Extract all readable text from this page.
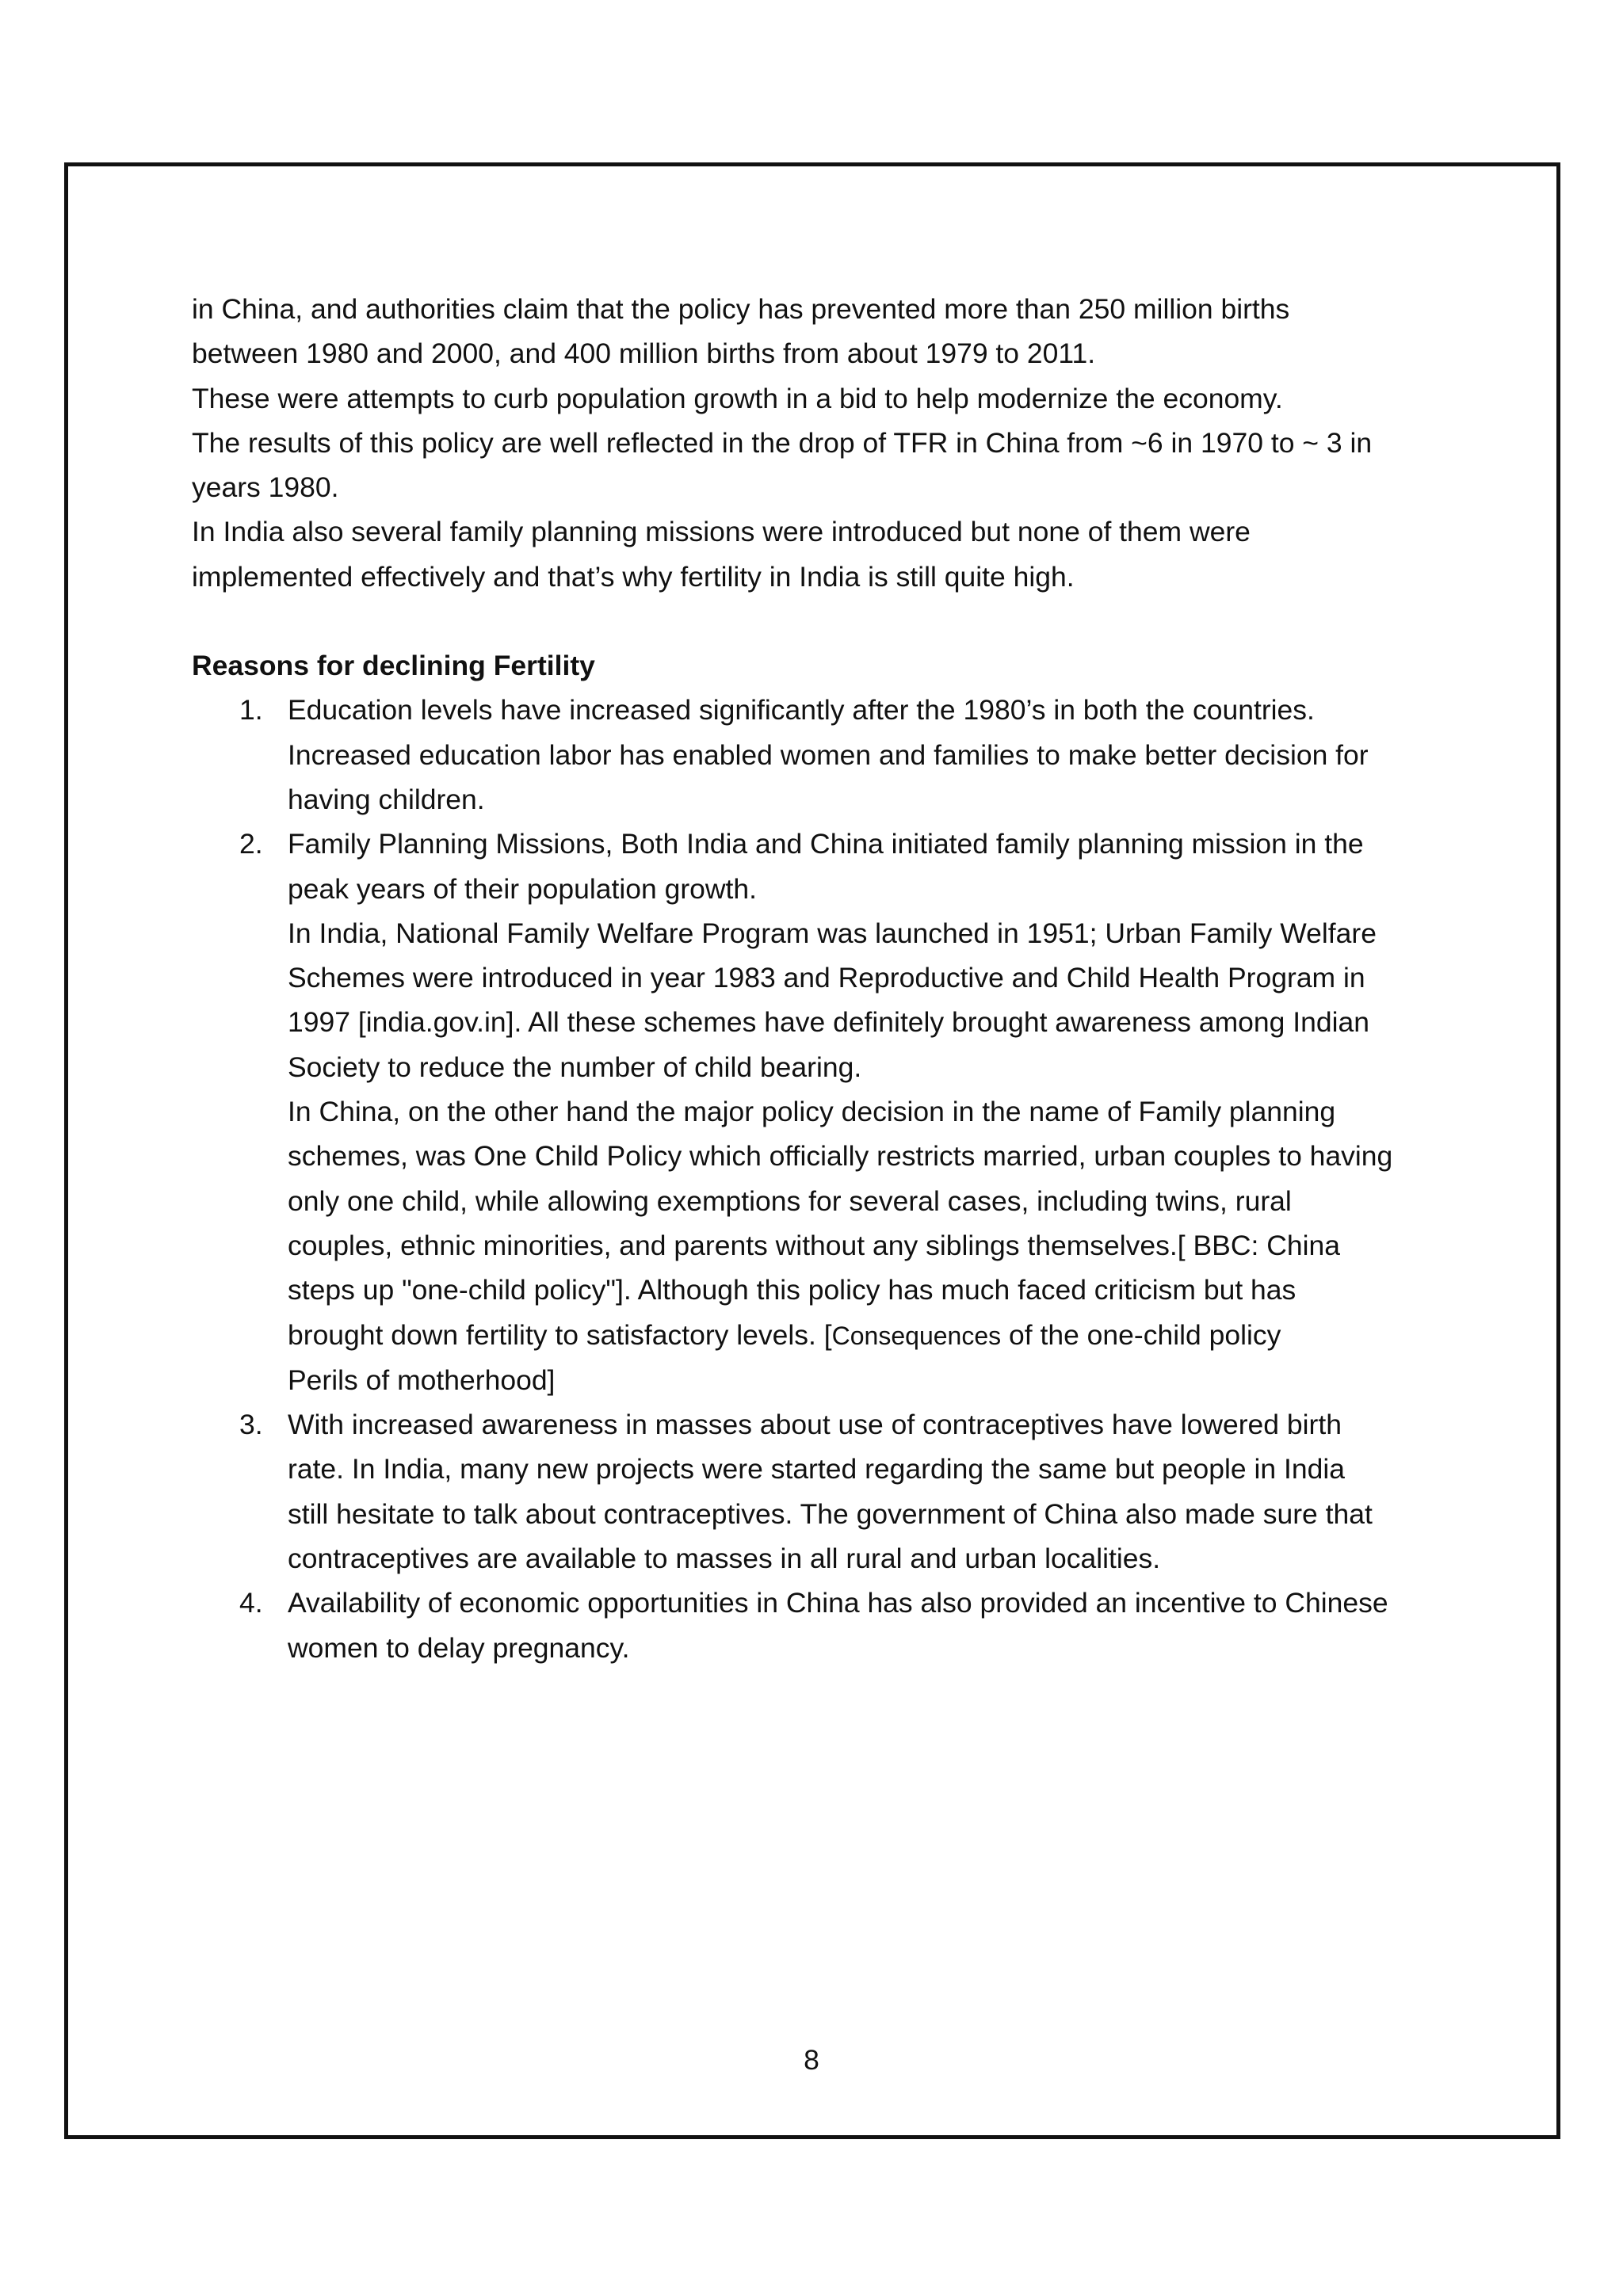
in China, and authorities claim that the policy has prevented more than 250 million births

between 1980 and 2000, and 400 million births from about 1979 to 2011.

These were attempts to curb population growth in a bid to help modernize the economy.

The results of this policy are well reflected in the drop of TFR in China from ~6 in 1970 to ~ 3 in

years 1980.

In India also several family planning missions were introduced but none of them were

implemented effectively and that’s why fertility in India is still quite high.

Reasons for declining Fertility

1. Education levels have increased significantly after the 1980’s in both the countries.

Increased education labor has enabled women and families to make better decision for

having children.

2. Family Planning Missions, Both India and China initiated family planning mission in the

peak years of their population growth.

In India, National Family Welfare Program was launched in 1951; Urban Family Welfare

Schemes were introduced in year 1983 and Reproductive and Child Health Program in

1997 [india.gov.in]. All these schemes have definitely brought awareness among Indian

Society to reduce the number of child bearing.

In China, on the other hand the major policy decision in the name of Family planning

schemes, was One Child Policy which officially restricts married, urban couples to having

only one child, while allowing exemptions for several cases, including twins, rural

couples, ethnic minorities, and parents without any siblings themselves.[ BBC: China

steps up "one-child policy"]. Although this policy has much faced criticism but has

brought down fertility to satisfactory levels. [Consequences of the one-child policy

Perils of motherhood]

3. With increased awareness in masses about use of contraceptives have lowered birth

rate. In India, many new projects were started regarding the same but people in India

still hesitate to talk about contraceptives. The government of China also made sure that

contraceptives are available to masses in all rural and urban localities.

4. Availability of economic opportunities in China has also provided an incentive to Chinese

women to delay pregnancy.

8
